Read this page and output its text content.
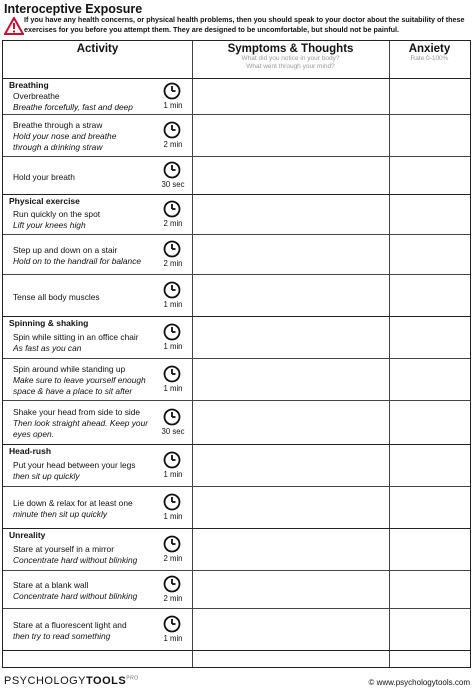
Interoceptive Exposure
If you have any health concerns, or physical health problems, then you should speak to your doctor about the suitability of these exercises for you before you attempt them. They are designed to be uncomfortable, but should not be painful.
Activity	Symptoms & Thoughts
What did you notice in your body?
What went through your mind?
Anxiety
Rate 0-100%
Breathing
Overbreathe
Breathe forcefully, fast and deep	1 min
Breathe through a straw
Hold your nose and breathe
through a drinking straw	2 min
Hold your breath
30 sec
Physical exercise
Run quickly on the spot
Lift your knees high	2 min
Step up and down on a stair
Hold on to the handrail for balance	2 min
Tense all body muscles
1 min
Spinning & shaking
Spin while sitting in an office chair
As fast as you can	1 min
Spin around while standing up
Make sure to leave yourself enough
space & have a place to sit after	1 min
Shake your head from side to side
Then look straight ahead. Keep your
eyes open.	30 sec
Head-rush
Put your head between your legs
then sit up quickly	1 min
Lie down & relax for at least one
minute then sit up quickly	1 min
Unreality
Stare at yourself in a mirror
Concentrate hard without blinking	2 min
Stare at a blank wall
Concentrate hard without blinking	2 min
Stare at a fluorescent light and
then try to read something	1 min
$PSYCHOLOGYTOOLS^{PRO}$	© www.psychologytools.com
